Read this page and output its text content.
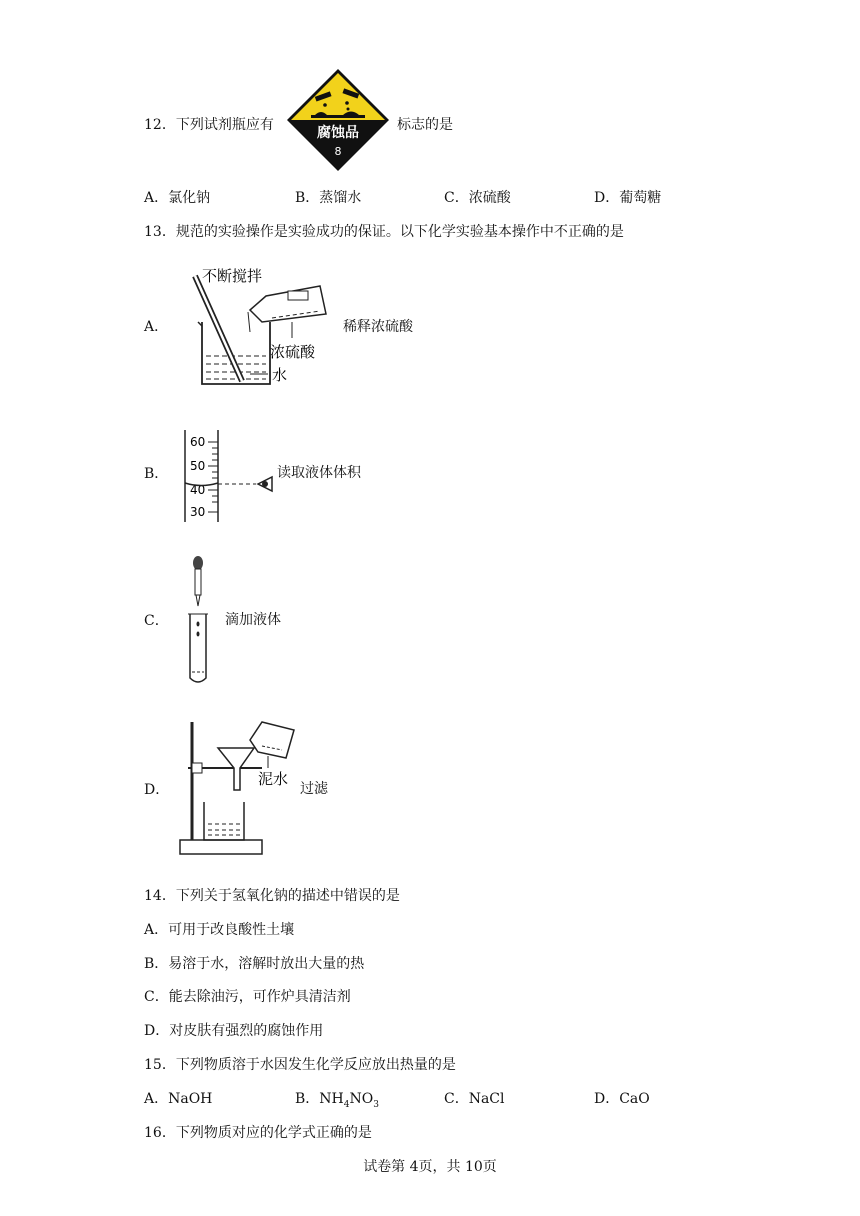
12．下列试剂瓶应有	腐蚀品
8
标志的是
A．氯化钠	B．蒸馏水	C．浓硫酸	D．葡萄糖
13．规范的实验操作是实验成功的保证。以下化学实验基本操作中不正确的是
A．
不断搅拌
浓硫酸
水
稀释浓硫酸
B．
60
50
40
30
读取液体体积
C．	滴加液体
D．
泥水
过滤
14．下列关于氢氧化钠的描述中错误的是
A．可用于改良酸性土壤
B．易溶于水，溶解时放出大量的热
C．能去除油污，可作炉具清洁剂
D．对皮肤有强烈的腐蚀作用
15．下列物质溶于水因发生化学反应放出热量的是
A．NaOH	B．$NH_4NO_3$	C．NaCl	D．CaO
16．下列物质对应的化学式正确的是
试卷第 4页，共 10页
